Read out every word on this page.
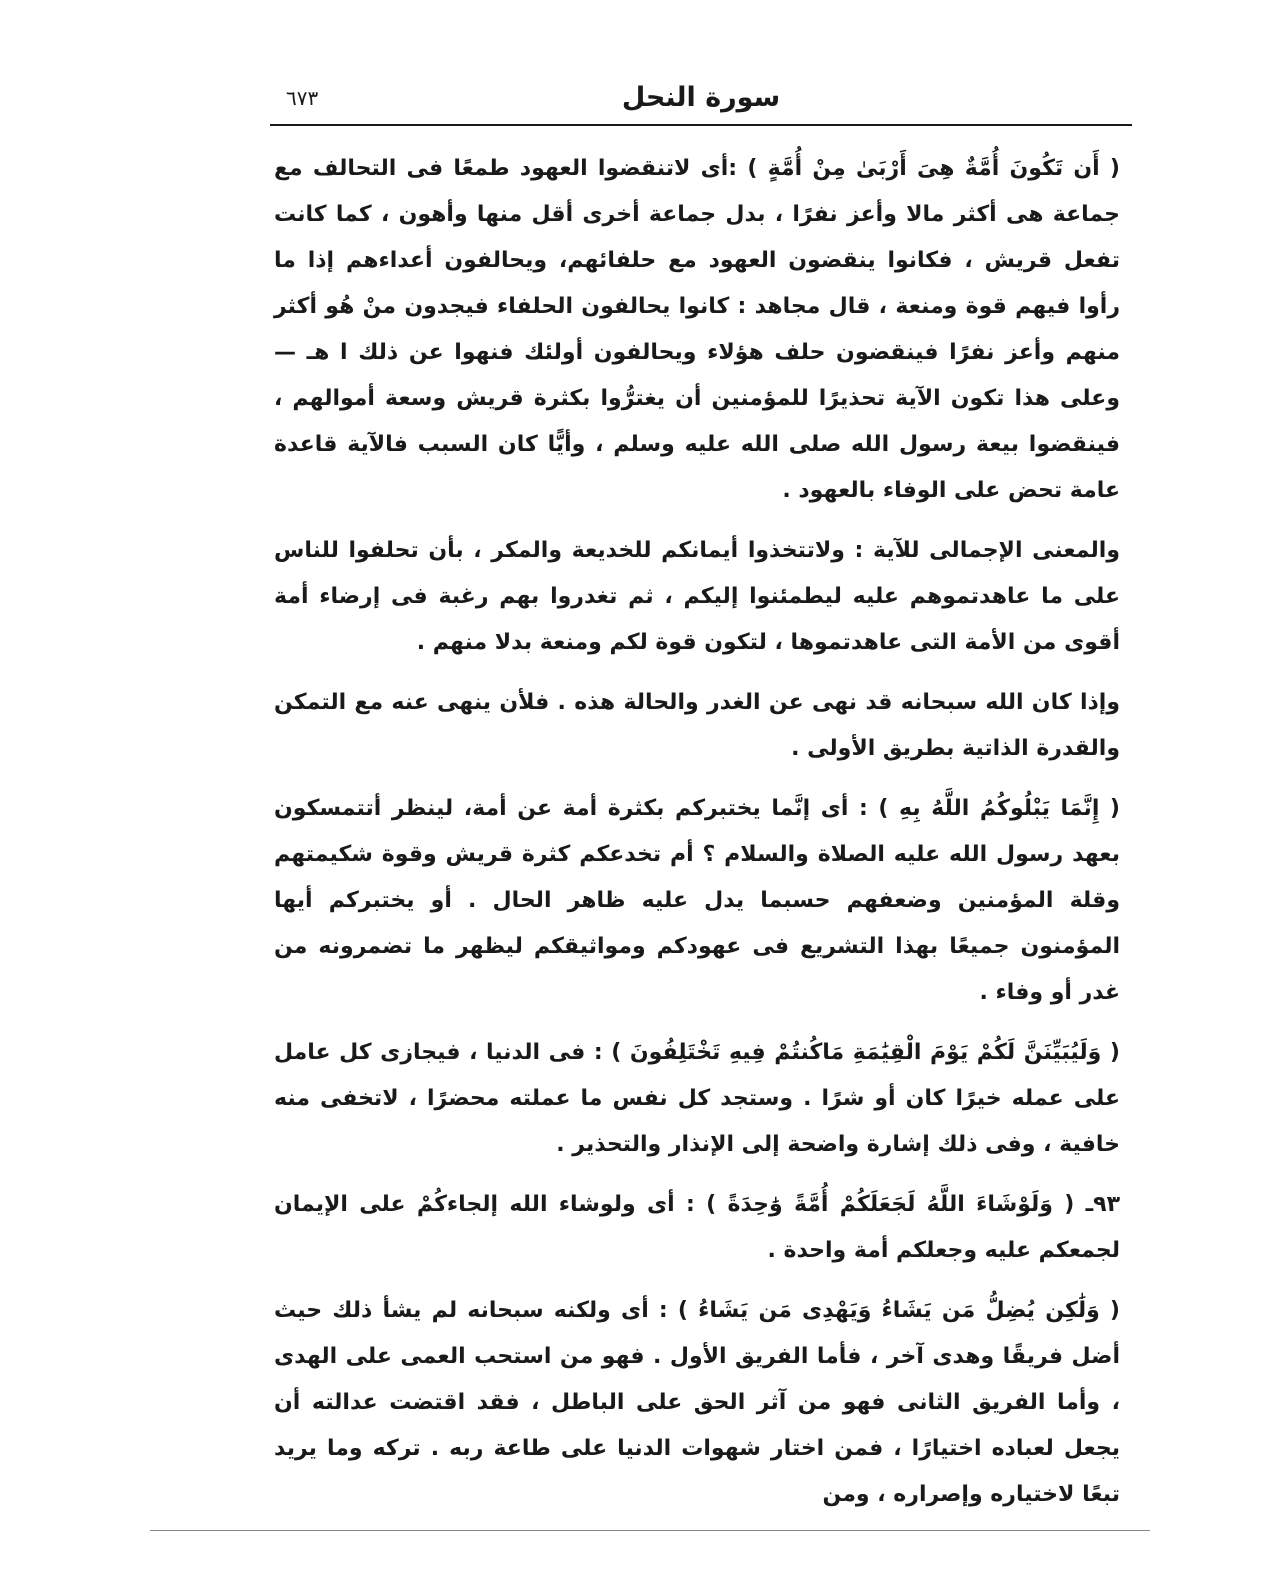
سورة النحل
٦٧٣

( أَن تَكُونَ أُمَّةٌ هِىَ أَرْبَىٰ مِنْ أُمَّةٍ ) :أى لاتنقضوا العهود طمعًا فى التحالف مع جماعة هى أكثر مالا وأعز نفرًا ، بدل جماعة أخرى أقل منها وأهون ، كما كانت تفعل قريش ، فكانوا ينقضون العهود مع حلفائهم، ويحالفون أعداءهم إذا ما رأوا فيهم قوة ومنعة ، قال مجاهد : كانوا يحالفون الحلفاء فيجدون منْ هُو أكثر منهم وأعز نفرًا فينقضون حلف هؤلاء ويحالفون أولئك فنهوا عن ذلك ا هـ — وعلى هذا تكون الآية تحذيرًا للمؤمنين أن يغترُّوا بكثرة قريش وسعة أموالهم ، فينقضوا بيعة رسول الله صلى الله عليه وسلم ، وأيًّا كان السبب فالآية قاعدة عامة تحض على الوفاء بالعهود .

والمعنى الإجمالى للآية : ولاتتخذوا أيمانكم للخديعة والمكر ، بأن تحلفوا للناس على ما عاهدتموهم عليه ليطمئنوا إليكم ، ثم تغدروا بهم رغبة فى إرضاء أمة أقوى من الأمة التى عاهدتموها ، لتكون قوة لكم ومنعة بدلا منهم .

وإذا كان الله سبحانه قد نهى عن الغدر والحالة هذه . فلأن ينهى عنه مع التمكن والقدرة الذاتية بطريق الأولى .

( إِنَّمَا يَبْلُوكُمُ اللَّهُ بِهِ ) : أى إنَّما يختبركم بكثرة أمة عن أمة، لينظر أتتمسكون بعهد رسول الله عليه الصلاة والسلام ؟ أم تخدعكم كثرة قريش وقوة شكيمتهم وقلة المؤمنين وضعفهم حسبما يدل عليه ظاهر الحال . أو يختبركم أيها المؤمنون جميعًا بهذا التشريع فى عهودكم ومواثيقكم ليظهر ما تضمرونه من غدر أو وفاء .

( وَلَيُبَيِّنَنَّ لَكُمْ يَوْمَ الْقِيَٰمَةِ مَاكُنتُمْ فِيهِ تَخْتَلِفُونَ ) : فى الدنيا ، فيجازى كل عامل على عمله خيرًا كان أو شرًا . وستجد كل نفس ما عملته محضرًا ، لاتخفى منه خافية ، وفى ذلك إشارة واضحة إلى الإنذار والتحذير .

٩٣ـ ( وَلَوْشَاءَ اللَّهُ لَجَعَلَكُمْ أُمَّةً وَٰحِدَةً ) : أى ولوشاء الله إلجاءكُمْ على الإيمان لجمعكم عليه وجعلكم أمة واحدة .

( وَلَٰكِن يُضِلُّ مَن يَشَاءُ وَيَهْدِى مَن يَشَاءُ ) : أى ولكنه سبحانه لم يشأ ذلك حيث أضل فريقًا وهدى آخر ، فأما الفريق الأول . فهو من استحب العمى على الهدى ، وأما الفريق الثانى فهو من آثر الحق على الباطل ، فقد اقتضت عدالته أن يجعل لعباده اختيارًا ، فمن اختار شهوات الدنيا على طاعة ربه . تركه وما يريد تبعًا لاختياره وإصراره ، ومن
